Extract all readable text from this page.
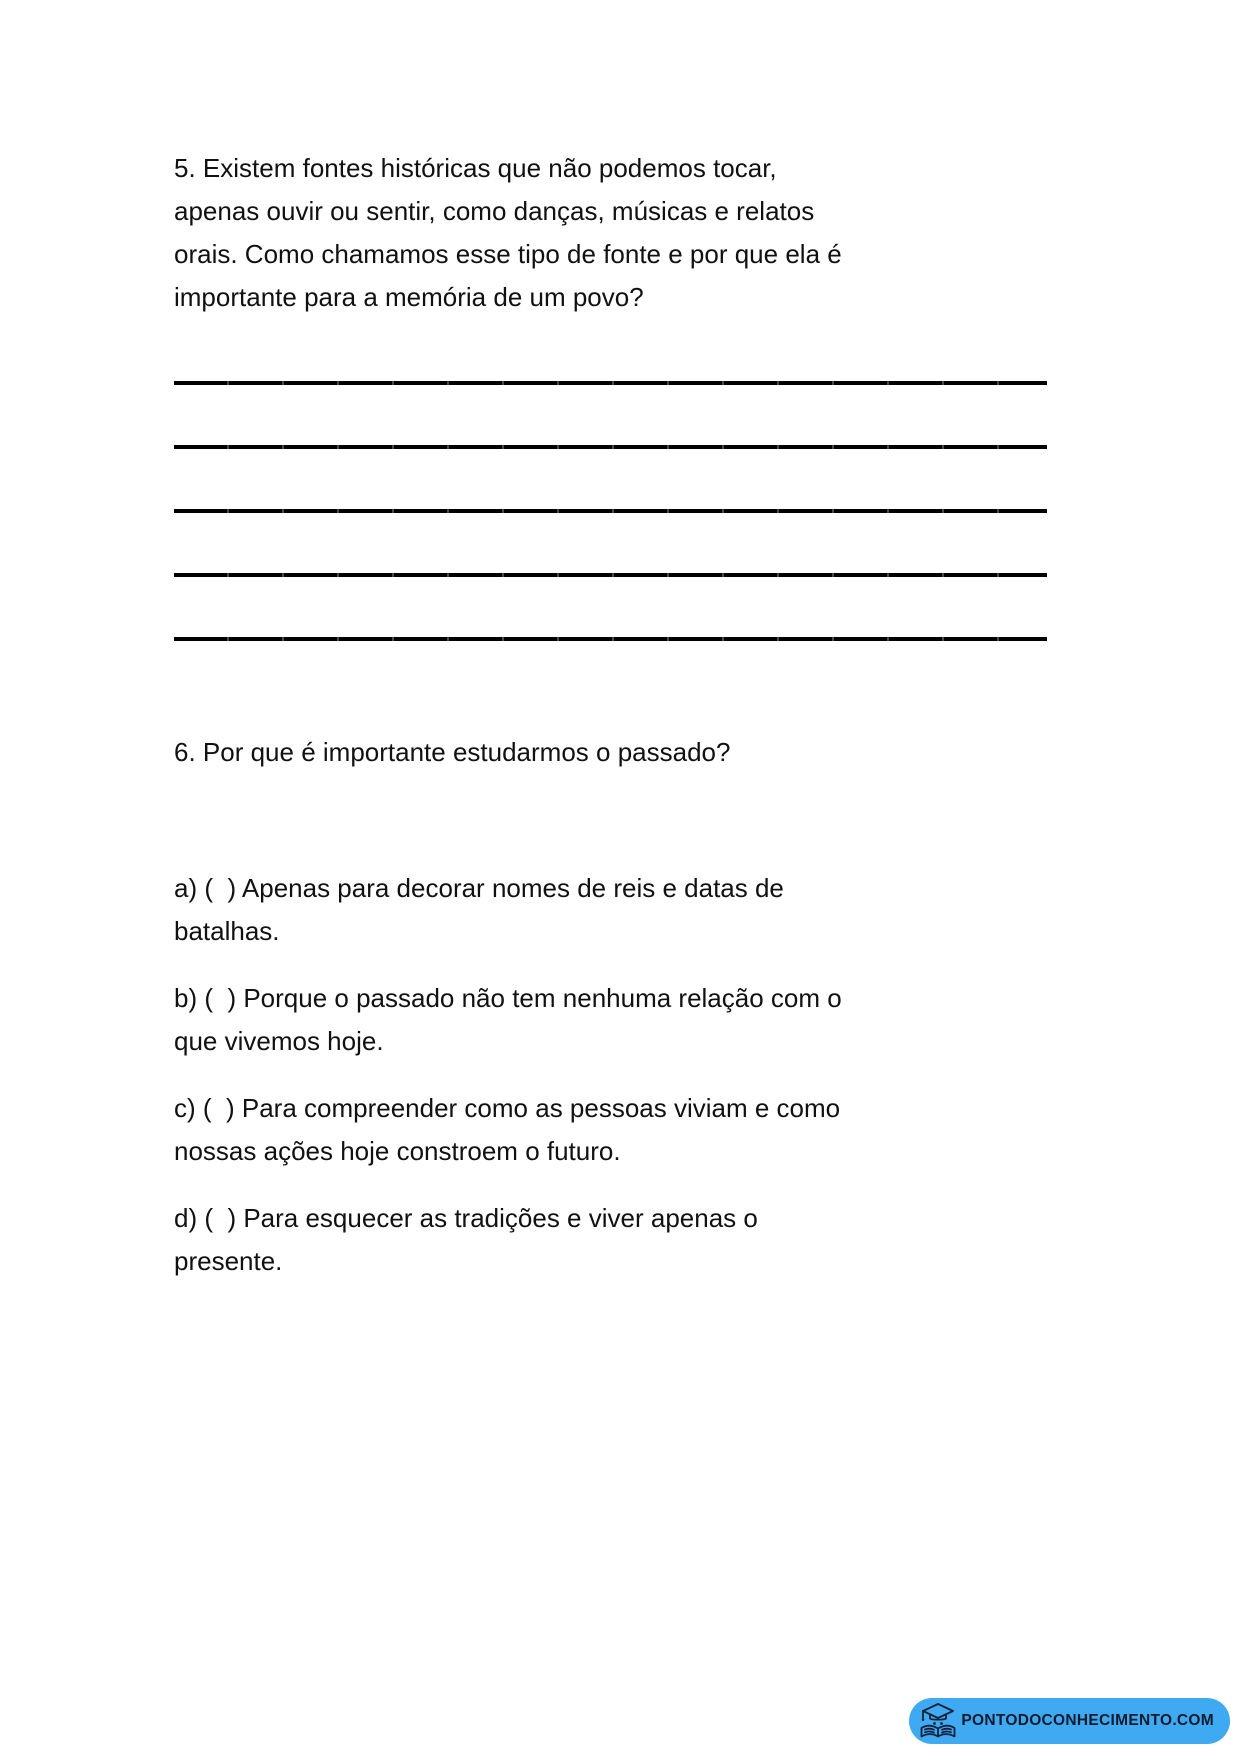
5. Existem fontes históricas que não podemos tocar,
apenas ouvir ou sentir, como danças, músicas e relatos
orais. Como chamamos esse tipo de fonte e por que ela é
importante para a memória de um povo?
6. Por que é importante estudarmos o passado?
a) (  ) Apenas para decorar nomes de reis e datas de
batalhas.
b) (  ) Porque o passado não tem nenhuma relação com o
que vivemos hoje.
c) (  ) Para compreender como as pessoas viviam e como
nossas ações hoje constroem o futuro.
d) (  ) Para esquecer as tradições e viver apenas o
presente.
PONTODOCONHECIMENTO.COM
